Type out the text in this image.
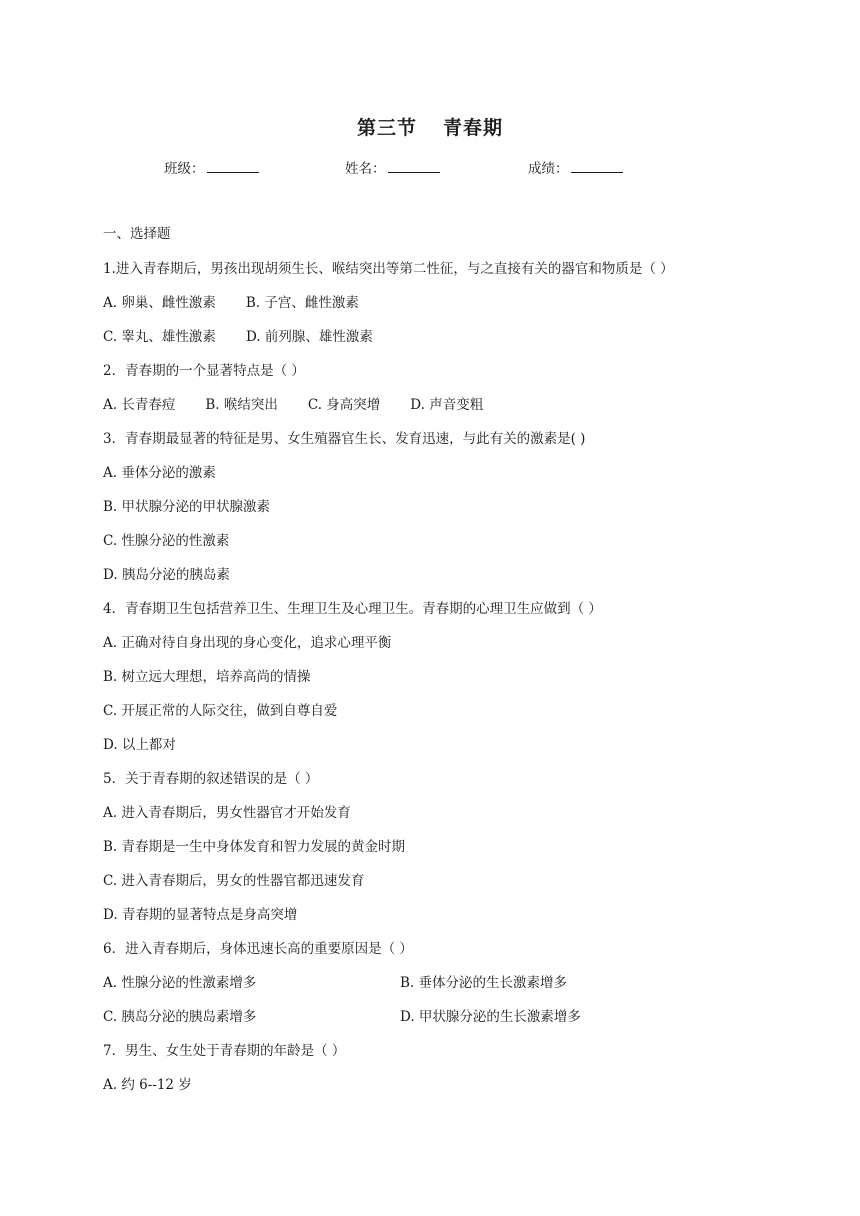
第三节 青春期
班级：	姓名：	成绩：
一、选择题
1.进入青春期后，男孩出现胡须生长、喉结突出等第二性征，与之直接有关的器官和物质是（ ）
A. 卵巢、雌性激素 B. 子宫、雌性激素
C. 睾丸、雄性激素 D. 前列腺、雄性激素
2．青春期的一个显著特点是（ ）
A. 长青春痘 B. 喉结突出 C. 身高突增 D. 声音变粗
3．青春期最显著的特征是男、女生殖器官生长、发育迅速，与此有关的激素是( )
A. 垂体分泌的激素
B. 甲状腺分泌的甲状腺激素
C. 性腺分泌的性激素
D. 胰岛分泌的胰岛素
4．青春期卫生包括营养卫生、生理卫生及心理卫生。青春期的心理卫生应做到（ ）
A. 正确对待自身出现的身心变化，追求心理平衡
B. 树立远大理想，培养高尚的情操
C. 开展正常的人际交往，做到自尊自爱
D. 以上都对
5．关于青春期的叙述错误的是（ ）
A. 进入青春期后，男女性器官才开始发育
B. 青春期是一生中身体发育和智力发展的黄金时期
C. 进入青春期后，男女的性器官都迅速发育
D. 青春期的显著特点是身高突增
6．进入青春期后，身体迅速长高的重要原因是（ ）
A. 性腺分泌的性激素增多	B. 垂体分泌的生长激素增多
C. 胰岛分泌的胰岛素增多	D. 甲状腺分泌的生长激素增多
7．男生、女生处于青春期的年龄是（ ）
A. 约 6--12 岁
